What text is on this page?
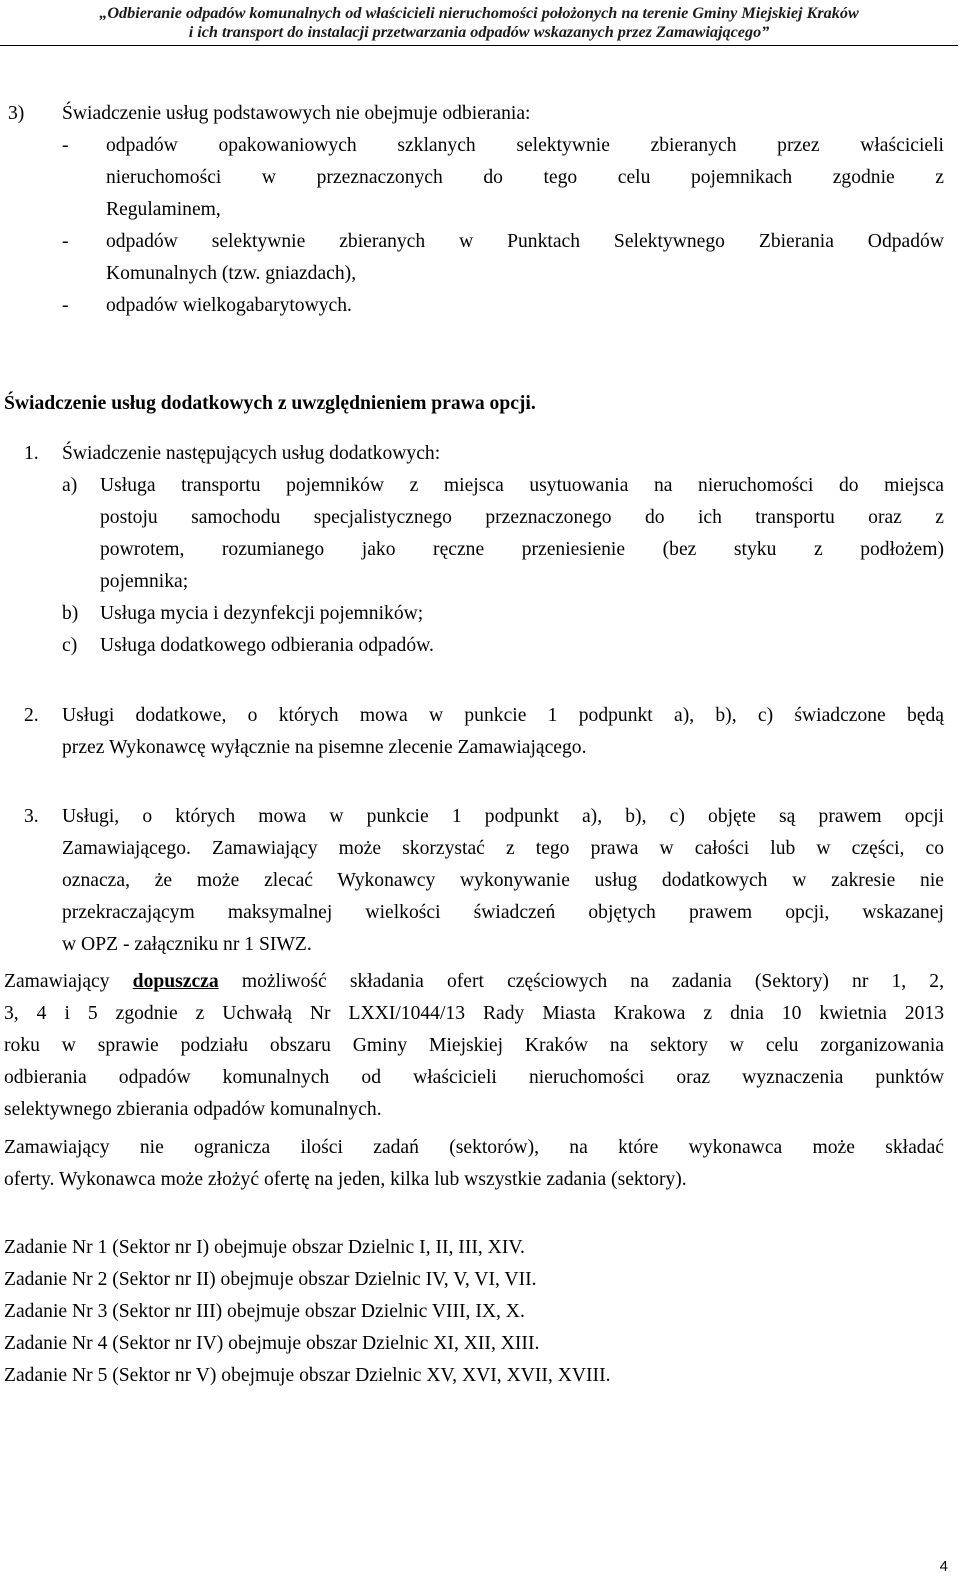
„Odbieranie odpadów komunalnych od właścicieli nieruchomości położonych na terenie Gminy Miejskiej Kraków
i ich transport do instalacji przetwarzania odpadów wskazanych przez Zamawiającego”
3) Świadczenie usług podstawowych nie obejmuje odbierania:
- odpadów opakowaniowych szklanych selektywnie zbieranych przez właścicieli
nieruchomości w przeznaczonych do tego celu pojemnikach zgodnie z
Regulaminem,
- odpadów selektywnie zbieranych w Punktach Selektywnego Zbierania Odpadów
Komunalnych (tzw. gniazdach),
- odpadów wielkogabarytowych.
Świadczenie usług dodatkowych z uwzględnieniem prawa opcji.
1. Świadczenie następujących usług dodatkowych:
a) Usługa transportu pojemników z miejsca usytuowania na nieruchomości do miejsca
postoju samochodu specjalistycznego przeznaczonego do ich transportu oraz z
powrotem, rozumianego jako ręczne przeniesienie (bez styku z podłożem)
pojemnika;
b) Usługa mycia i dezynfekcji pojemników;
c) Usługa dodatkowego odbierania odpadów.
2. Usługi dodatkowe, o których mowa w punkcie 1 podpunkt a), b), c) świadczone będą
przez Wykonawcę wyłącznie na pisemne zlecenie Zamawiającego.
3. Usługi, o których mowa w punkcie 1 podpunkt a), b), c) objęte są prawem opcji
Zamawiającego. Zamawiający może skorzystać z tego prawa w całości lub w części, co
oznacza, że może zlecać Wykonawcy wykonywanie usług dodatkowych w zakresie nie
przekraczającym maksymalnej wielkości świadczeń objętych prawem opcji, wskazanej
w OPZ - załączniku nr 1 SIWZ.
Zamawiający dopuszcza możliwość składania ofert częściowych na zadania (Sektory) nr 1, 2,
3, 4 i 5 zgodnie z Uchwałą Nr LXXI/1044/13 Rady Miasta Krakowa z dnia 10 kwietnia 2013
roku w sprawie podziału obszaru Gminy Miejskiej Kraków na sektory w celu zorganizowania
odbierania odpadów komunalnych od właścicieli nieruchomości oraz wyznaczenia punktów
selektywnego zbierania odpadów komunalnych.
Zamawiający nie ogranicza ilości zadań (sektorów), na które wykonawca może składać
oferty. Wykonawca może złożyć ofertę na jeden, kilka lub wszystkie zadania (sektory).
Zadanie Nr 1 (Sektor nr I) obejmuje obszar Dzielnic I, II, III, XIV.
Zadanie Nr 2 (Sektor nr II) obejmuje obszar Dzielnic IV, V, VI, VII.
Zadanie Nr 3 (Sektor nr III) obejmuje obszar Dzielnic VIII, IX, X.
Zadanie Nr 4 (Sektor nr IV) obejmuje obszar Dzielnic XI, XII, XIII.
Zadanie Nr 5 (Sektor nr V) obejmuje obszar Dzielnic XV, XVI, XVII, XVIII.
4
